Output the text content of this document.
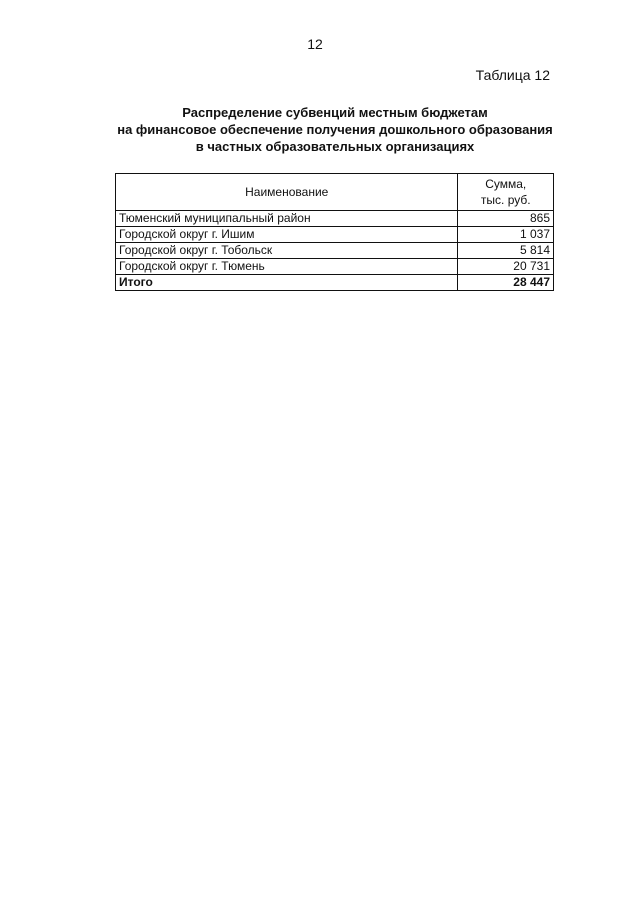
12
Таблица 12
Распределение субвенций местным бюджетам
на финансовое обеспечение получения дошкольного образования
в частных образовательных организациях
Наименование	Сумма,
тыс. руб.

Тюменский муниципальный район	865
Городской округ г. Ишим	1 037
Городской округ г. Тобольск	5 814
Городской округ г. Тюмень	20 731
Итого	28 447
